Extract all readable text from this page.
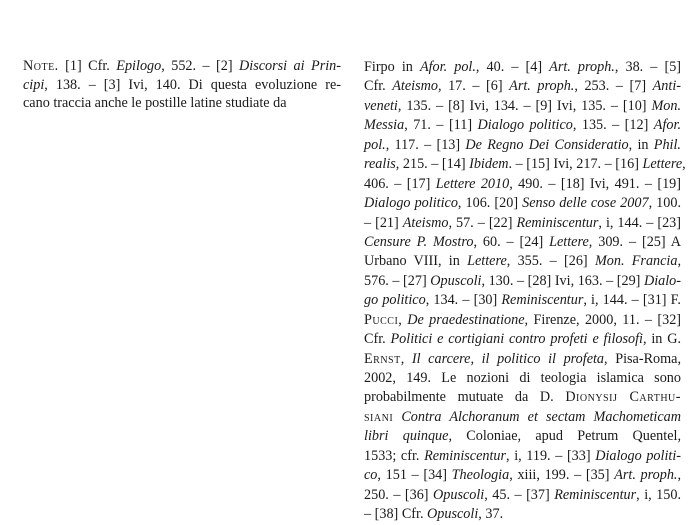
Note. [1] Cfr. Epilogo, 552. – [2] Discorsi ai Prin-
cipi, 138. – [3] Ivi, 140. Di questa evoluzione re-
cano traccia anche le postille latine studiate da
Firpo in Afor. pol., 40. – [4] Art. proph., 38. – [5]
Cfr. Ateismo, 17. – [6] Art. proph., 253. – [7] Anti-
veneti, 135. – [8] Ivi, 134. – [9] Ivi, 135. – [10] Mon.
Messia, 71. – [11] Dialogo politico, 135. – [12] Afor.
pol., 117. – [13] De Regno Dei Consideratio, in Phil.
realis, 215. – [14] Ibidem. – [15] Ivi, 217. – [16] Lettere,
406. – [17] Lettere 2010, 490. – [18] Ivi, 491. – [19]
Dialogo politico, 106. [20] Senso delle cose 2007, 100.
– [21] Ateismo, 57. – [22] Reminiscentur, i, 144. – [23]
Censure P. Mostro, 60. – [24] Lettere, 309. – [25] A
Urbano VIII, in Lettere, 355. – [26] Mon. Francia,
576. – [27] Opuscoli, 130. – [28] Ivi, 163. – [29] Dialo-
go politico, 134. – [30] Reminiscentur, i, 144. – [31] F.
Pucci, De praedestinatione, Firenze, 2000, 11. – [32]
Cfr. Politici e cortigiani contro profeti e filosofi, in G.
Ernst, Il carcere, il politico il profeta, Pisa-Roma,
2002, 149. Le nozioni di teologia islamica sono
probabilmente mutuate da D. Dionysij Carthu-
siani Contra Alchoranum et sectam Machometicam
libri quinque, Coloniae, apud Petrum Quentel,
1533; cfr. Reminiscentur, i, 119. – [33] Dialogo politi-
co, 151 – [34] Theologia, xiii, 199. – [35] Art. proph.,
250. – [36] Opuscoli, 45. – [37] Reminiscentur, i, 150.
– [38] Cfr. Opuscoli, 37.
